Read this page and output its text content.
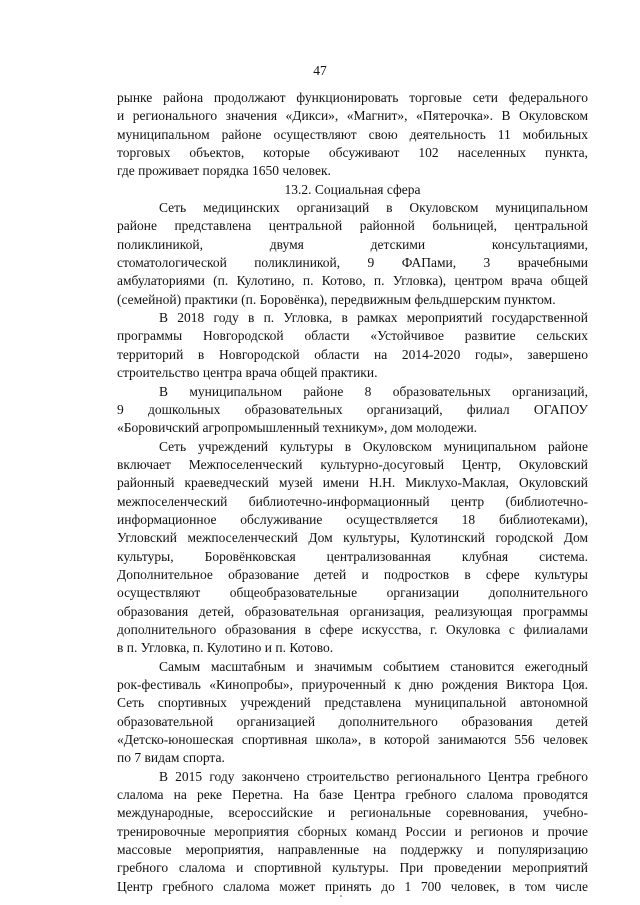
47

рынке района продолжают функционировать торговые сети федерального

и регионального значения «Дикси», «Магнит», «Пятерочка». В Окуловском

муниципальном районе осуществляют свою деятельность 11 мобильных

торговых объектов, которые обсуживают 102 населенных пункта,

где проживает порядка 1650 человек.

13.2. Социальная сфера

Сеть медицинских организаций в Окуловском муниципальном

районе представлена центральной районной больницей, центральной

поликлиникой, двумя детскими консультациями,

стоматологической поликлиникой, 9 ФАПами, 3 врачебными

амбулаториями (п. Кулотино, п. Котово, п. Угловка), центром врача общей

(семейной) практики (п. Боровёнка), передвижным фельдшерским пунктом.

В 2018 году в п. Угловка, в рамках мероприятий государственной

программы Новгородской области «Устойчивое развитие сельских

территорий в Новгородской области на 2014-2020 годы», завершено

строительство центра врача общей практики.

В муниципальном районе 8 образовательных организаций,

9 дошкольных образовательных организаций, филиал ОГАПОУ

«Боровичский агропромышленный техникум», дом молодежи.

Сеть учреждений культуры в Окуловском муниципальном районе

включает Межпоселенческий культурно-досуговый Центр, Окуловский

районный краеведческий музей имени Н.Н. Миклухо-Маклая, Окуловский

межпоселенческий библиотечно-информационный центр (библиотечно-

информационное обслуживание осуществляется 18 библиотеками),

Угловский межпоселенческий Дом культуры, Кулотинский городской Дом

культуры, Боровёнковская централизованная клубная система.

Дополнительное образование детей и подростков в сфере культуры

осуществляют общеобразовательные организации дополнительного

образования детей, образовательная организация, реализующая программы

дополнительного образования в сфере искусства, г. Окуловка с филиалами

в п. Угловка, п. Кулотино и п. Котово.

Самым масштабным и значимым событием становится ежегодный

рок-фестиваль «Кинопробы», приуроченный к дню рождения Виктора Цоя.

Сеть спортивных учреждений представлена муниципальной автономной

образовательной организацией дополнительного образования детей

«Детско-юношеская спортивная школа», в которой занимаются 556 человек

по 7 видам спорта.

В 2015 году закончено строительство регионального Центра гребного

слалома на реке Перетна. На базе Центра гребного слалома проводятся

международные, всероссийские и региональные соревнования, учебно-

тренировочные мероприятия сборных команд России и регионов и прочие

массовые мероприятия, направленные на поддержку и популяризацию

гребного слалома и спортивной культуры. При проведении мероприятий

Центр гребного слалома может принять до 1 700 человек, в том числе
